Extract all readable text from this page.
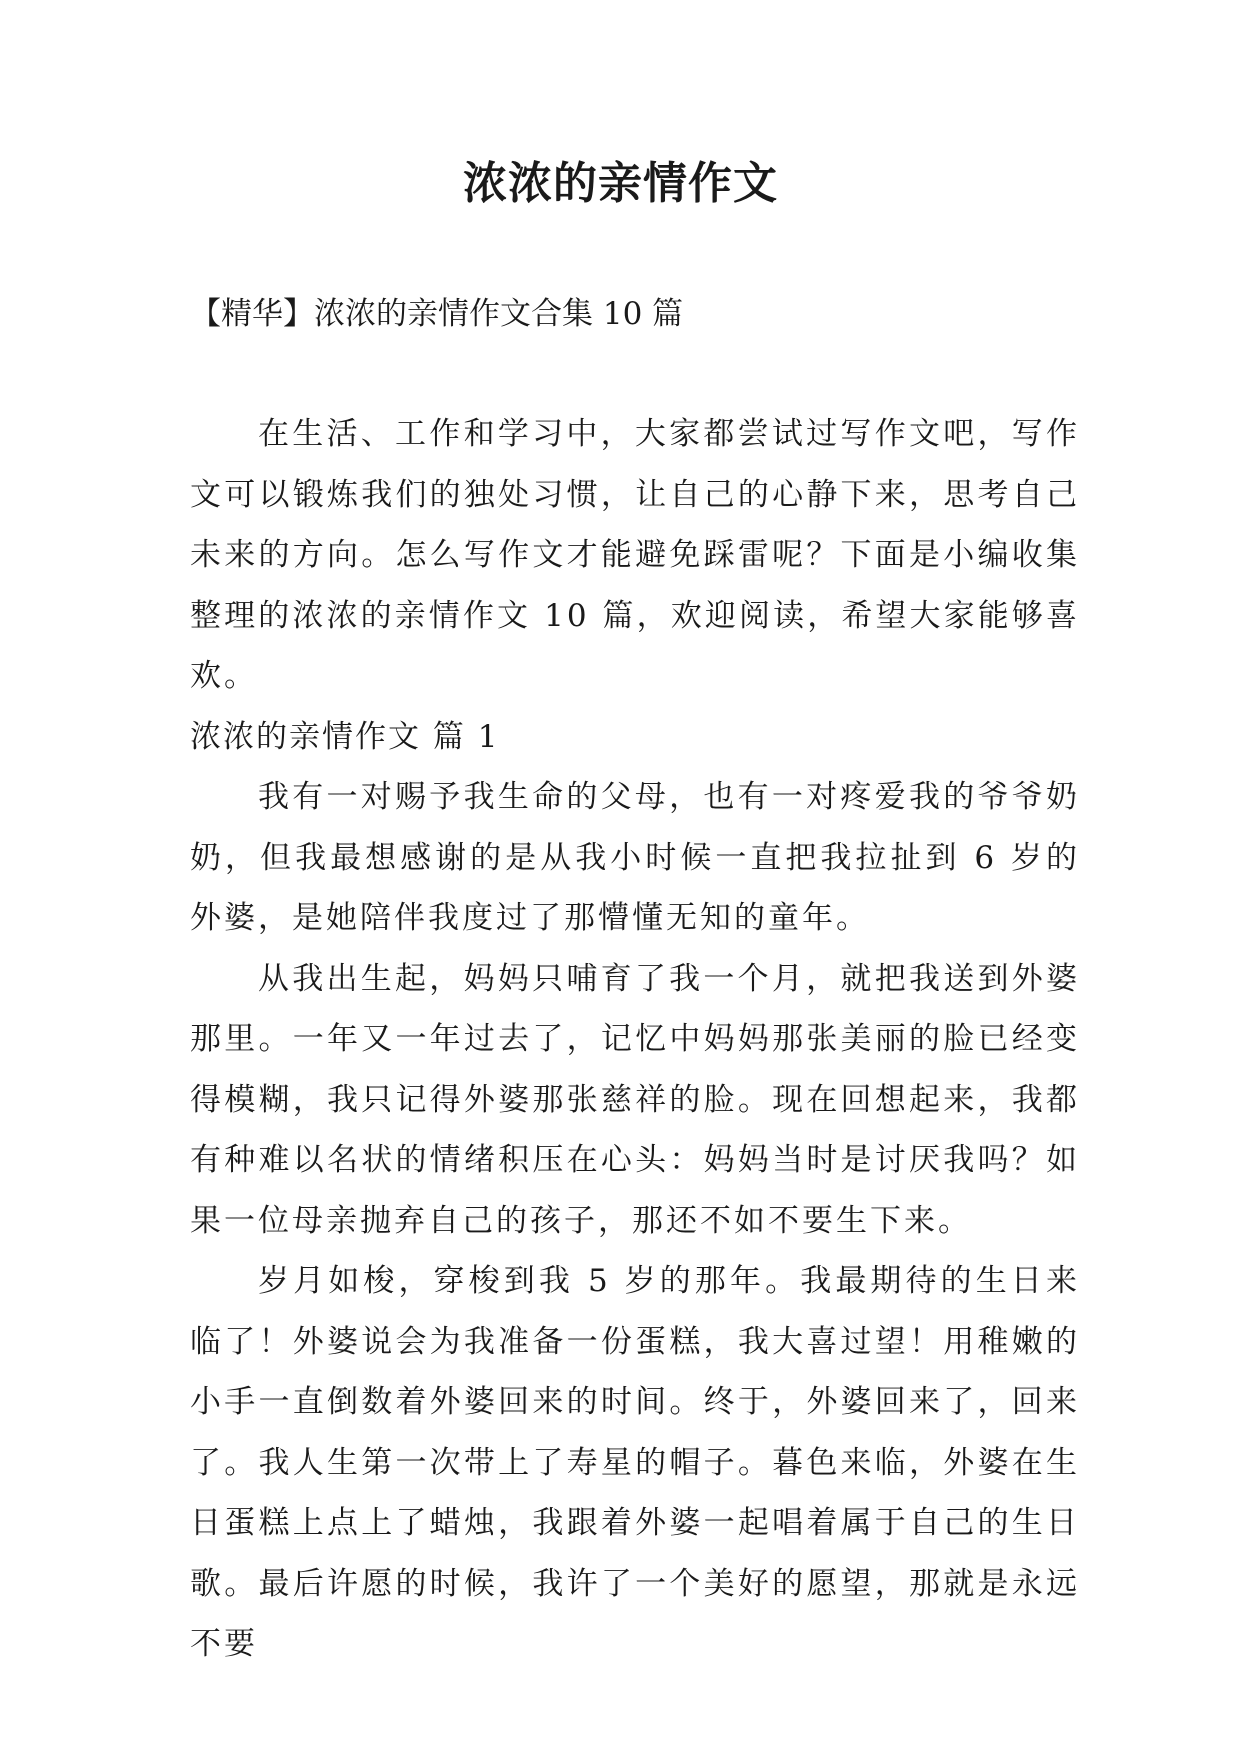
浓浓的亲情作文

【精华】浓浓的亲情作文合集 10 篇

在生活、工作和学习中，大家都尝试过写作文吧，写作文可以锻炼我们的独处习惯，让自己的心静下来，思考自己未来的方向。怎么写作文才能避免踩雷呢？下面是小编收集整理的浓浓的亲情作文 10 篇，欢迎阅读，希望大家能够喜欢。

浓浓的亲情作文 篇 1

我有一对赐予我生命的父母，也有一对疼爱我的爷爷奶奶，但我最想感谢的是从我小时候一直把我拉扯到 6 岁的外婆，是她陪伴我度过了那懵懂无知的童年。

从我出生起，妈妈只哺育了我一个月，就把我送到外婆那里。一年又一年过去了，记忆中妈妈那张美丽的脸已经变得模糊，我只记得外婆那张慈祥的脸。现在回想起来，我都有种难以名状的情绪积压在心头：妈妈当时是讨厌我吗？如果一位母亲抛弃自己的孩子，那还不如不要生下来。

岁月如梭，穿梭到我 5 岁的那年。我最期待的生日来临了！外婆说会为我准备一份蛋糕，我大喜过望！用稚嫩的小手一直倒数着外婆回来的时间。终于，外婆回来了，回来了。我人生第一次带上了寿星的帽子。暮色来临，外婆在生日蛋糕上点上了蜡烛，我跟着外婆一起唱着属于自己的生日歌。最后许愿的时候，我许了一个美好的愿望，那就是永远不要
